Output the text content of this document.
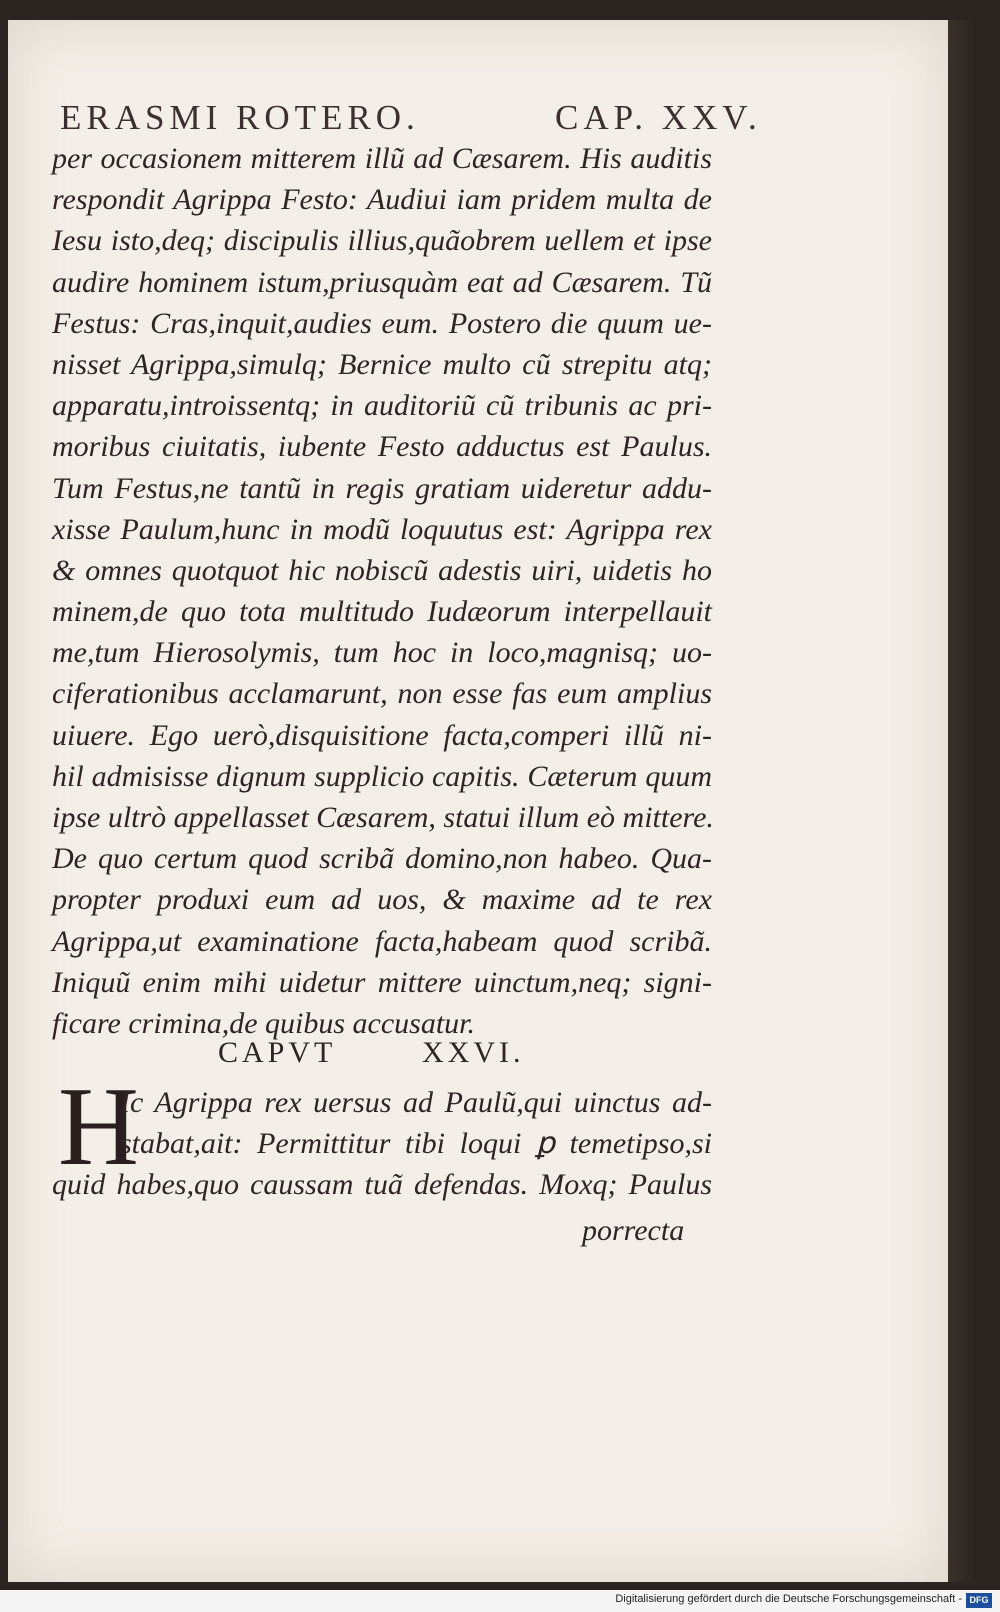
ERASMI ROTERO.	CAP. XXV.
per occasionem mitterem illũ ad Cæsarem. His auditis
respondit Agrippa Festo: Audiui iam pridem multa de
Iesu isto,deq; discipulis illius,quãobrem uellem et ipse
audire hominem istum,priusquàm eat ad Cæsarem. Tũ
Festus: Cras,inquit,audies eum. Postero die quum ue-
nisset Agrippa,simulq; Bernice multo cũ strepitu atq;
apparatu,introissentq; in auditoriũ cũ tribunis ac pri-
moribus ciuitatis, iubente Festo adductus est Paulus.
Tum Festus,ne tantũ in regis gratiam uideretur addu-
xisse Paulum,hunc in modũ loquutus est: Agrippa rex
& omnes quotquot hic nobiscũ adestis uiri, uidetis ho
minem,de quo tota multitudo Iudæorum interpellauit
me,tum Hierosolymis, tum hoc in loco,magnisq; uo-
ciferationibus acclamarunt, non esse fas eum amplius
uiuere. Ego uerò,disquisitione facta,comperi illũ ni-
hil admisisse dignum supplicio capitis. Cæterum quum
ipse ultrò appellasset Cæsarem, statui illum eò mittere.
De quo certum quod scribã domino,non habeo. Qua-
propter produxi eum ad uos, & maxime ad te rex
Agrippa,ut examinatione facta,habeam quod scribã.
Iniquũ enim mihi uidetur mittere uinctum,neq; signi-
ficare crimina,de quibus accusatur.
CAPVT	XXVI.
H
Ic Agrippa rex uersus ad Paulũ,qui uinctus ad-
stabat,ait: Permittitur tibi loqui ꝑ temetipso,si
quid habes,quo caussam tuã defendas. Moxq; Paulus
porrecta
Digitalisierung gefördert durch die Deutsche Forschungsgemeinschaft - DFG
